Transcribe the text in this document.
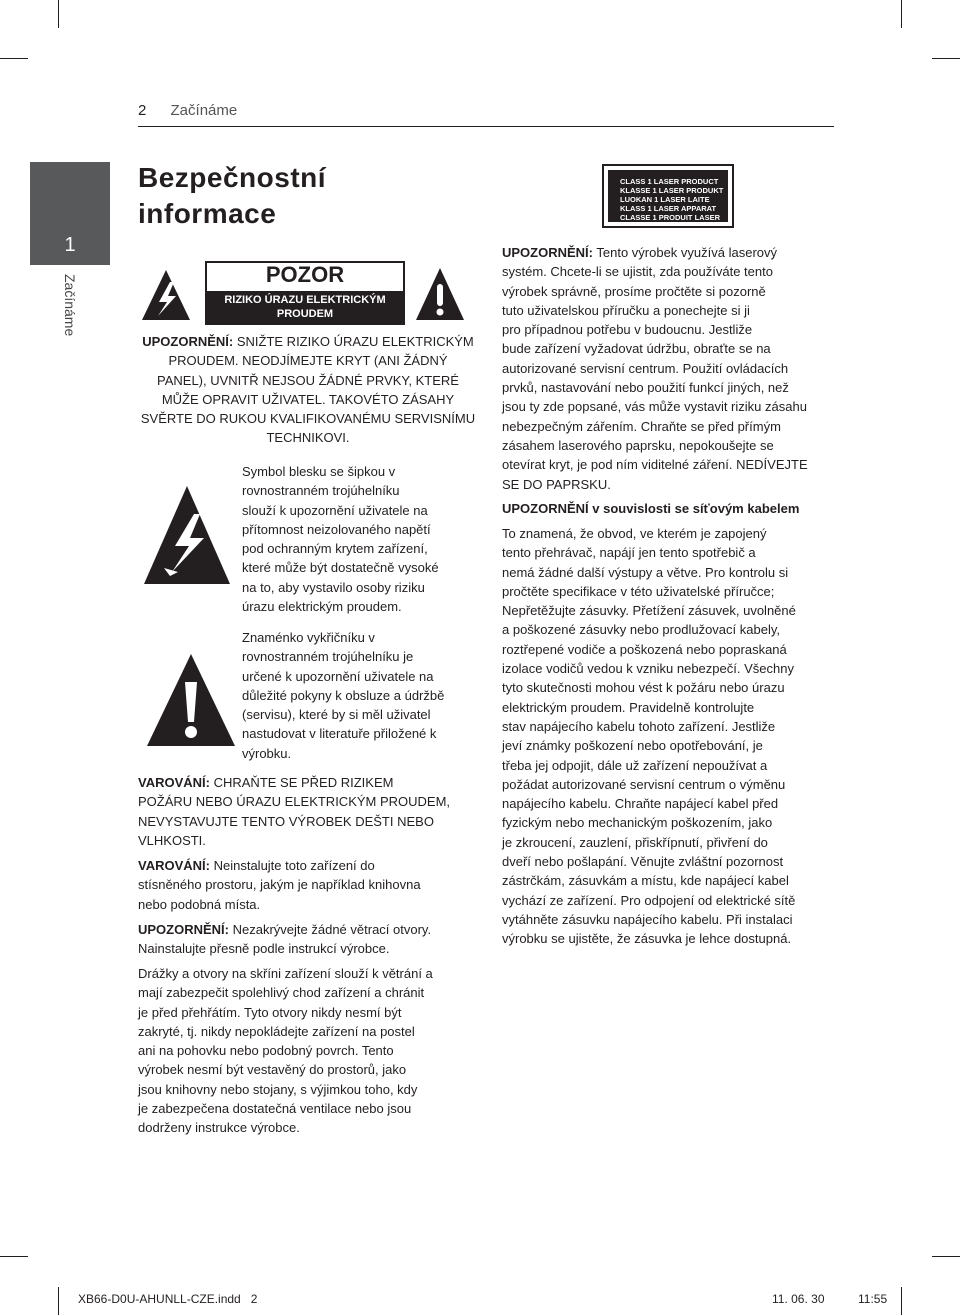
2 Začínáme
1
Začínáme
Bezpečnostní
informace
POZOR
RIZIKO ÚRAZU ELEKTRICKÝM
PROUDEM
UPOZORNĚNÍ: SNIŽTE RIZIKO ÚRAZU ELEKTRICKÝM
PROUDEM. NEODJÍMEJTE KRYT (ANI ŽÁDNÝ
PANEL), UVNITŘ NEJSOU ŽÁDNÉ PRVKY, KTERÉ
MŮŽE OPRAVIT UŽIVATEL. TAKOVÉTO ZÁSAHY
SVĚRTE DO RUKOU KVALIFIKOVANÉMU SERVISNÍMU
TECHNIKOVI.
Symbol blesku se šipkou v
rovnostranném trojúhelníku
slouží k upozornění uživatele na
přítomnost neizolovaného napětí
pod ochranným krytem zařízení,
které může být dostatečně vysoké
na to, aby vystavilo osoby riziku
úrazu elektrickým proudem.
Znaménko vykřičníku v
rovnostranném trojúhelníku je
určené k upozornění uživatele na
důležité pokyny k obsluze a údržbě
(servisu), které by si měl uživatel
nastudovat v literatuře přiložené k
výrobku.
VAROVÁNÍ: CHRAŇTE SE PŘED RIZIKEM
POŽÁRU NEBO ÚRAZU ELEKTRICKÝM PROUDEM,
NEVYSTAVUJTE TENTO VÝROBEK DEŠTI NEBO
VLHKOSTI.
VAROVÁNÍ: Neinstalujte toto zařízení do
stísněného prostoru, jakým je například knihovna
nebo podobná místa.
UPOZORNĚNÍ: Nezakrývejte žádné větrací otvory.
Nainstalujte přesně podle instrukcí výrobce.
Drážky a otvory na skříni zařízení slouží k větrání a
mají zabezpečit spolehlivý chod zařízení a chránit
je před přehřátím. Tyto otvory nikdy nesmí být
zakryté, tj. nikdy nepokládejte zařízení na postel
ani na pohovku nebo podobný povrch. Tento
výrobek nesmí být vestavěný do prostorů, jako
jsou knihovny nebo stojany, s výjimkou toho, kdy
je zabezpečena dostatečná ventilace nebo jsou
dodrženy instrukce výrobce.
CLASS 1 LASER PRODUCT
KLASSE 1 LASER PRODUKT
LUOKAN 1 LASER LAITE
KLASS 1 LASER APPARAT
CLASSE 1 PRODUIT LASER
UPOZORNĚNÍ: Tento výrobek využívá laserový
systém. Chcete-li se ujistit, zda používáte tento
výrobek správně, prosíme pročtěte si pozorně
tuto uživatelskou příručku a ponechejte si ji
pro případnou potřebu v budoucnu. Jestliže
bude zařízení vyžadovat údržbu, obraťte se na
autorizované servisní centrum. Použití ovládacích
prvků, nastavování nebo použití funkcí jiných, než
jsou ty zde popsané, vás může vystavit riziku zásahu
nebezpečným zářením. Chraňte se před přímým
zásahem laserového paprsku, nepokoušejte se
otevírat kryt, je pod ním viditelné záření. NEDÍVEJTE
SE DO PAPRSKU.
UPOZORNĚNÍ v souvislosti se síťovým kabelem
To znamená, že obvod, ve kterém je zapojený
tento přehrávač, napájí jen tento spotřebič a
nemá žádné další výstupy a větve. Pro kontrolu si
pročtěte specifikace v této uživatelské příručce;
Nepřetěžujte zásuvky. Přetížení zásuvek, uvolněné
a poškozené zásuvky nebo prodlužovací kabely,
roztřepené vodiče a poškozená nebo popraskaná
izolace vodičů vedou k vzniku nebezpečí. Všechny
tyto skutečnosti mohou vést k požáru nebo úrazu
elektrickým proudem. Pravidelně kontrolujte
stav napájecího kabelu tohoto zařízení. Jestliže
jeví známky poškození nebo opotřebování, je
třeba jej odpojit, dále už zařízení nepoužívat a
požádat autorizované servisní centrum o výměnu
napájecího kabelu. Chraňte napájecí kabel před
fyzickým nebo mechanickým poškozením, jako
je zkroucení, zauzlení, přiskřípnutí, přivření do
dveří nebo pošlapání. Věnujte zvláštní pozornost
zástrčkám, zásuvkám a místu, kde napájecí kabel
vychází ze zařízení. Pro odpojení od elektrické sítě
vytáhněte zásuvku napájecího kabelu. Při instalaci
výrobku se ujistěte, že zásuvka je lehce dostupná.
XB66-D0U-AHUNLL-CZE.indd   2	11. 06. 30	11:55
